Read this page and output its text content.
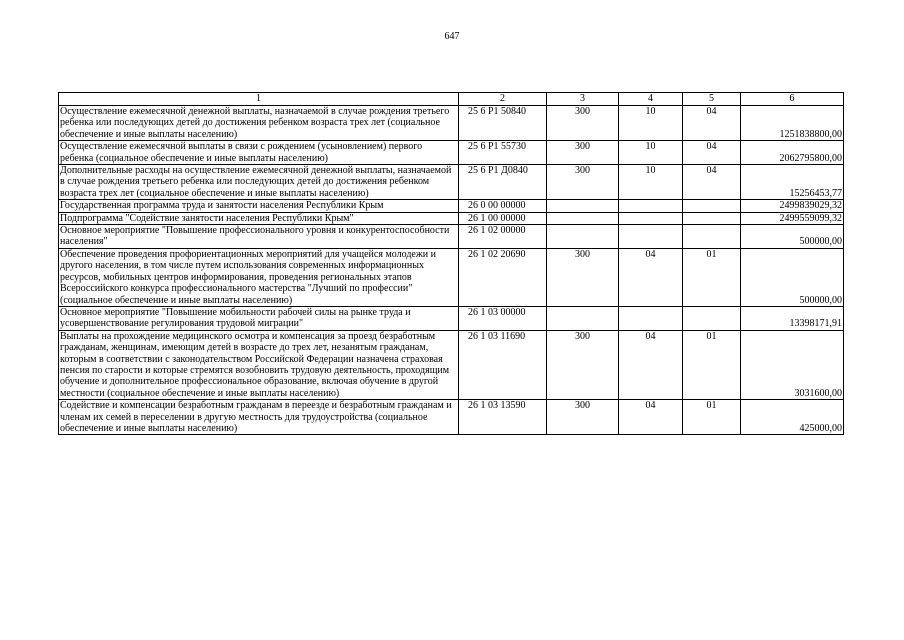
647
1	2	3	4	5	6
Осуществление ежемесячной денежной выплаты, назначаемой в случае рождения третьего ребенка или последующих детей до достижения ребенком возраста трех лет (социальное обеспечение и иные выплаты населению)	25 6 P1 50840	300	10	04	1251838800,00
Осуществление ежемесячной выплаты в связи с рождением (усыновлением) первого ребенка (социальное обеспечение и иные выплаты населению)	25 6 P1 55730	300	10	04	2062795800,00
Дополнительные расходы на осуществление ежемесячной денежной выплаты, назначаемой в случае рождения третьего ребенка или последующих детей до достижения ребенком возраста трех лет (социальное обеспечение и иные выплаты населению)	25 6 P1 Д0840	300	10	04	15256453,77
Государственная программа труда и занятости населения Республики Крым	26 0 00 00000				2499839029,32
Подпрограмма "Содействие занятости населения Республики Крым"	26 1 00 00000				2499559099,32
Основное мероприятие "Повышение профессионального уровня и конкурентоспособности населения"	26 1 02 00000				500000,00
Обеспечение проведения профориентационных мероприятий для учащейся молодежи и другого населения, в том числе путем использования современных информационных ресурсов, мобильных центров информирования, проведения региональных этапов Всероссийского конкурса профессионального мастерства "Лучший по профессии" (социальное обеспечение и иные выплаты населению)	26 1 02 20690	300	04	01	500000,00
Основное мероприятие "Повышение мобильности рабочей силы на рынке труда и усовершенствование регулирования трудовой миграции"	26 1 03 00000				13398171,91
Выплаты на прохождение медицинского осмотра и компенсация за проезд безработным гражданам, женщинам, имеющим детей в возрасте до трех лет, незанятым гражданам, которым в соответствии с законодательством Российской Федерации назначена страховая пенсия по старости и которые стремятся возобновить трудовую деятельность, проходящим обучение и дополнительное профессиональное образование, включая обучение в другой местности (социальное обеспечение и иные выплаты населению)	26 1 03 11690	300	04	01	3031600,00
Содействие и компенсации безработным гражданам в переезде и безработным гражданам и членам их семей в переселении в другую местность для трудоустройства (социальное обеспечение и иные выплаты населению)	26 1 03 13590	300	04	01	425000,00
